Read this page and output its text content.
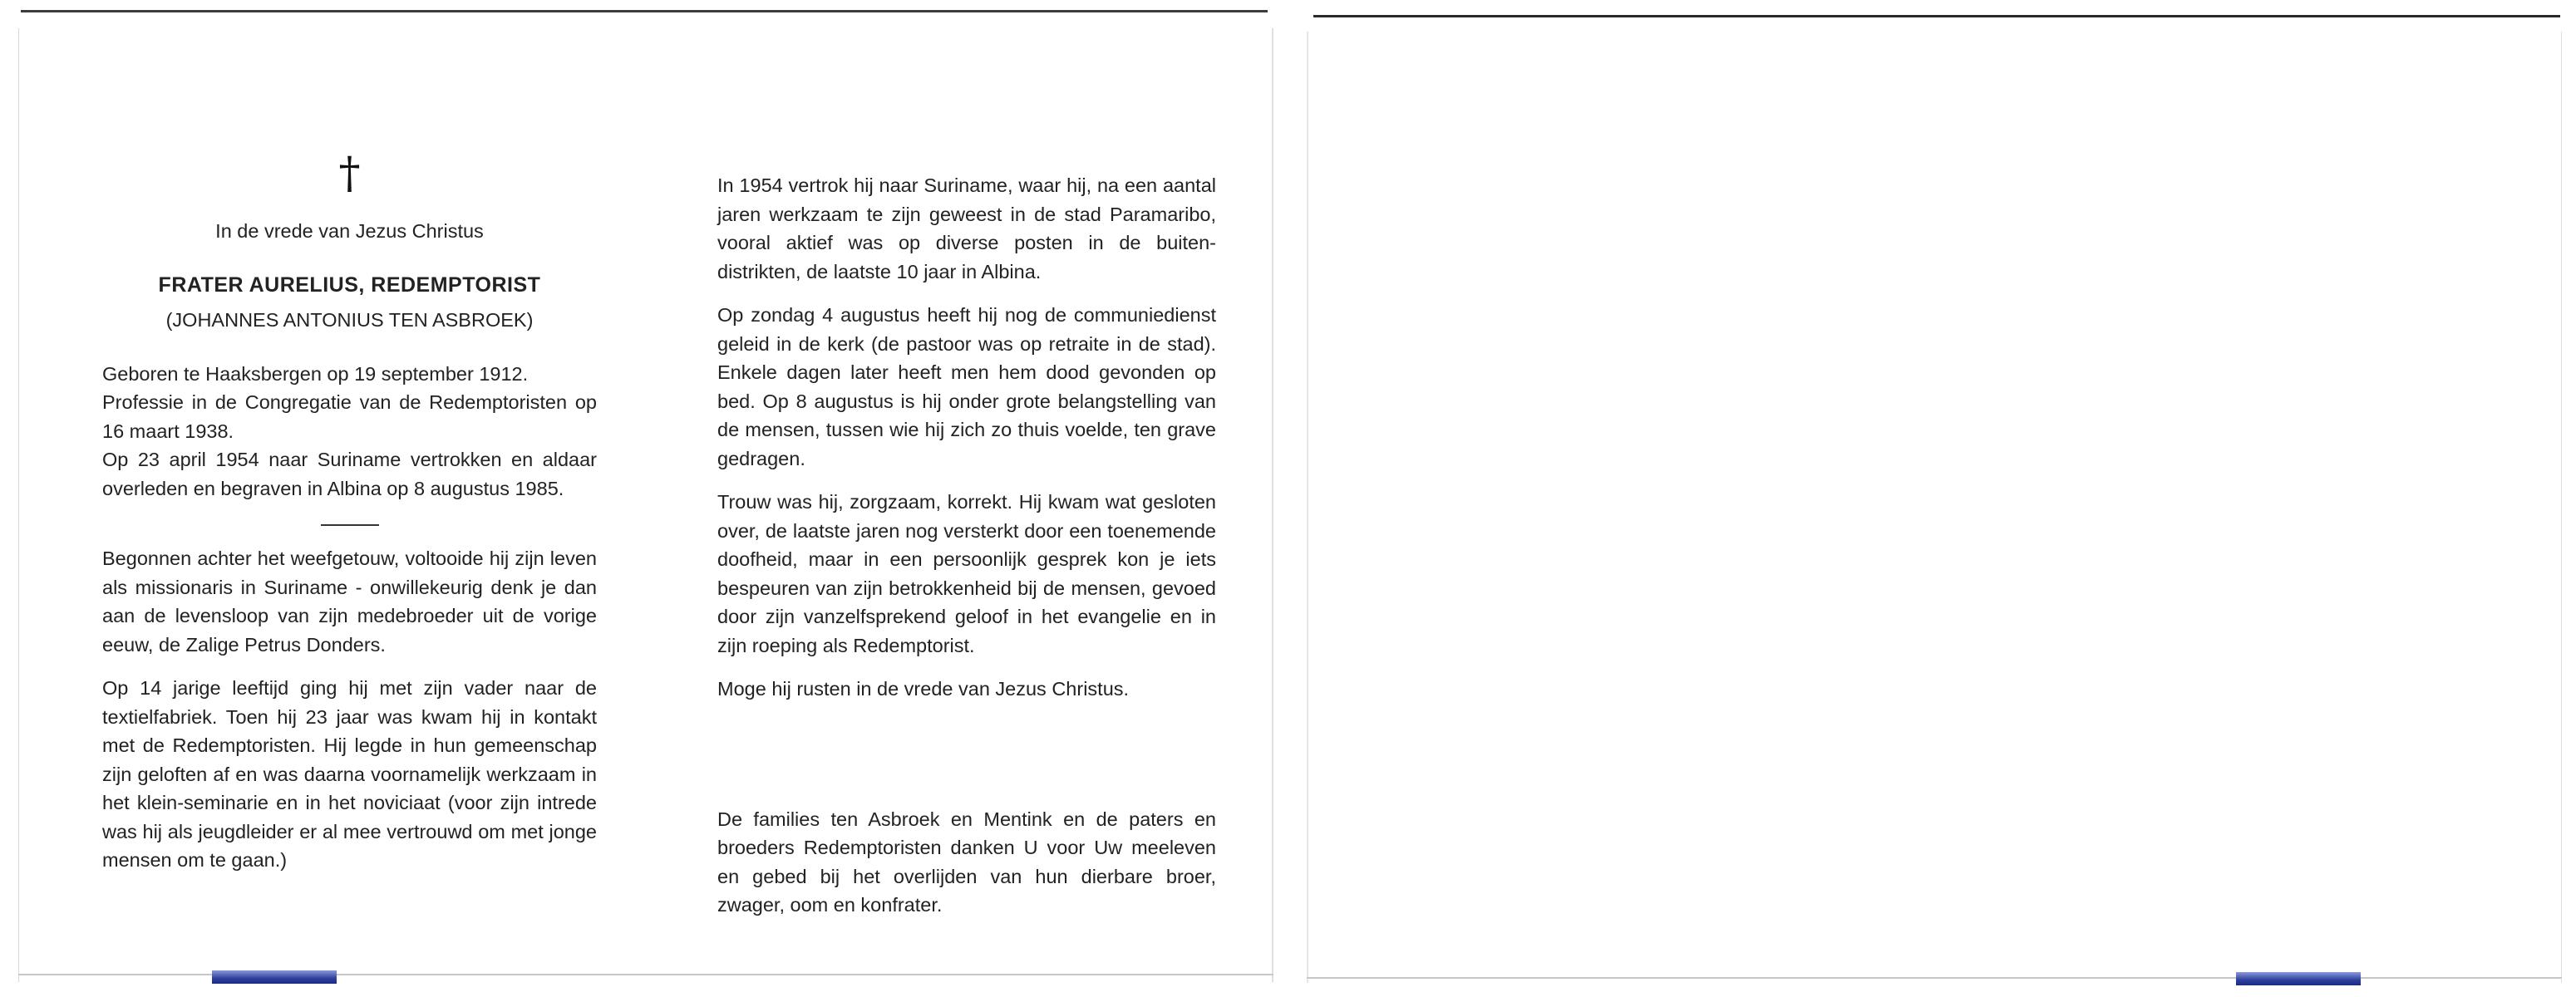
†

In de vrede van Jezus Christus

FRATER AURELIUS, REDEMPTORIST
(JOHANNES ANTONIUS TEN ASBROEK)
Geboren te Haaksbergen op 19 september 1912.
Professie in de Congregatie van de Redemptoristen op 16 maart 1938.
Op 23 april 1954 naar Suriname vertrokken en aldaar overleden en begraven in Albina op 8 augustus 1985.

Begonnen achter het weefgetouw, voltooide hij zijn leven als missionaris in Suriname - onwillekeurig denk je dan aan de levensloop van zijn medebroeder uit de vorige eeuw, de Zalige Petrus Donders.

Op 14 jarige leeftijd ging hij met zijn vader naar de textielfabriek. Toen hij 23 jaar was kwam hij in kontakt met de Redemptoristen. Hij legde in hun gemeenschap zijn geloften af en was daarna voornamelijk werkzaam in het klein-seminarie en in het noviciaat (voor zijn intrede was hij als jeugdleider er al mee vertrouwd om met jonge mensen om te gaan.)

In 1954 vertrok hij naar Suriname, waar hij, na een aantal jaren werkzaam te zijn geweest in de stad Paramaribo, vooral aktief was op diverse posten in de buiten-distrikten, de laatste 10 jaar in Albina.

Op zondag 4 augustus heeft hij nog de communiedienst geleid in de kerk (de pastoor was op retraite in de stad). Enkele dagen later heeft men hem dood gevonden op bed. Op 8 augustus is hij onder grote belangstelling van de mensen, tussen wie hij zich zo thuis voelde, ten grave gedragen.

Trouw was hij, zorgzaam, korrekt. Hij kwam wat gesloten over, de laatste jaren nog versterkt door een toenemende doofheid, maar in een persoonlijk gesprek kon je iets bespeuren van zijn betrokkenheid bij de mensen, gevoed door zijn vanzelfsprekend geloof in het evangelie en in zijn roeping als Redemptorist.

Moge hij rusten in de vrede van Jezus Christus.

De families ten Asbroek en Mentink en de paters en broeders Redemptoristen danken U voor Uw meeleven en gebed bij het overlijden van hun dierbare broer, zwager, oom en konfrater.
